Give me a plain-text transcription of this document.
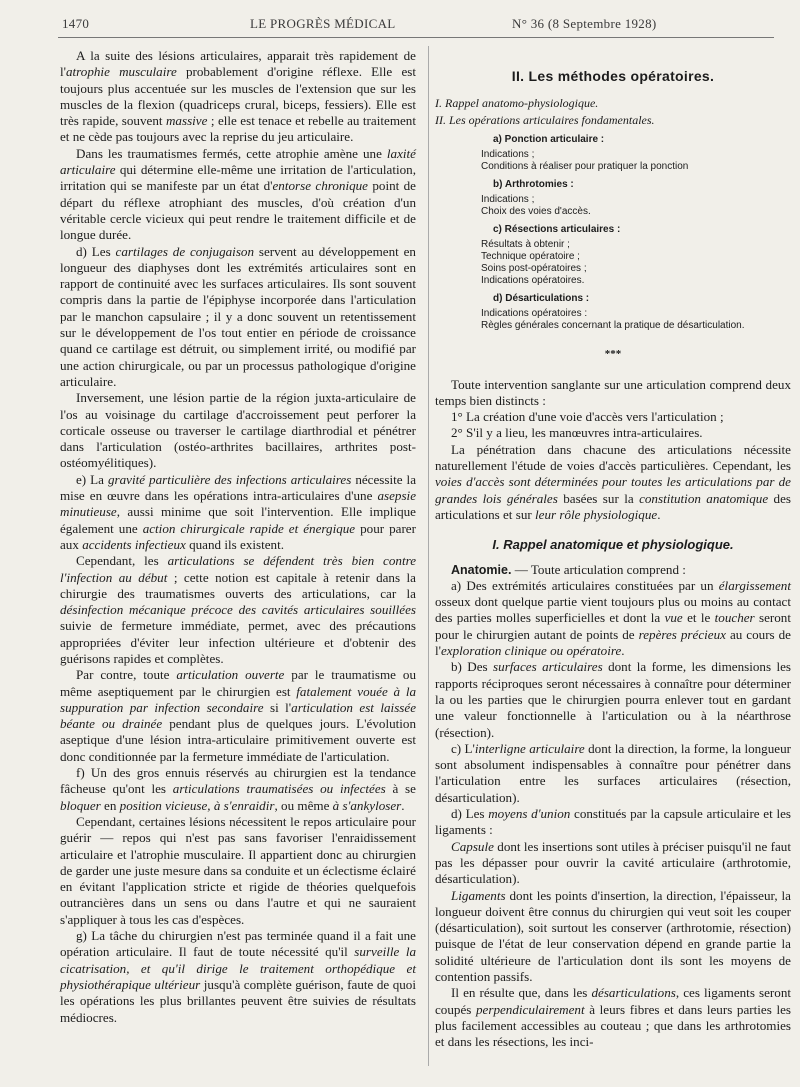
1470	LE PROGRÈS MÉDICAL	N° 36 (8 Septembre 1928)

A la suite des lésions articulaires, apparait très rapidement de l'atrophie musculaire probablement d'origine réflexe. Elle est toujours plus accentuée sur les muscles de l'extension que sur les muscles de la flexion (quadriceps crural, biceps, fessiers). Elle est très rapide, souvent massive ; elle est tenace et rebelle au traitement et ne cède pas toujours avec la reprise du jeu articulaire.

Dans les traumatismes fermés, cette atrophie amène une laxité articulaire qui détermine elle-même une irritation de l'articulation, irritation qui se manifeste par un état d'entorse chronique point de départ du réflexe atrophiant des muscles, d'où création d'un véritable cercle vicieux qui peut rendre le traitement difficile et de longue durée.

d) Les cartilages de conjugaison servent au développement en longueur des diaphyses dont les extrémités articulaires sont en rapport de continuité avec les surfaces articulaires. Ils sont souvent compris dans la partie de l'épiphyse incorporée dans l'articulation par le manchon capsulaire ; il y a donc souvent un retentissement sur le développement de l'os tout entier en période de croissance quand ce cartilage est détruit, ou simplement irrité, ou modifié par une action chirurgicale, ou par un processus pathologique d'origine articulaire.

Inversement, une lésion partie de la région juxta-articulaire de l'os au voisinage du cartilage d'accroissement peut perforer la corticale osseuse ou traverser le cartilage diarthrodial et pénétrer dans l'articulation (ostéo-arthrites bacillaires, arthrites post-ostéomyélitiques).

e) La gravité particulière des infections articulaires nécessite la mise en œuvre dans les opérations intra-articulaires d'une asepsie minutieuse, aussi minime que soit l'intervention. Elle implique également une action chirurgicale rapide et énergique pour parer aux accidents infectieux quand ils existent.

Cependant, les articulations se défendent très bien contre l'infection au début ; cette notion est capitale à retenir dans la chirurgie des traumatismes ouverts des articulations, car la désinfection mécanique précoce des cavités articulaires souillées suivie de fermeture immédiate, permet, avec des précautions appropriées d'éviter leur infection ultérieure et d'obtenir des guérisons rapides et complètes.

Par contre, toute articulation ouverte par le traumatisme ou même aseptiquement par le chirurgien est fatalement vouée à la suppuration par infection secondaire si l'articulation est laissée béante ou drainée pendant plus de quelques jours. L'évolution aseptique d'une lésion intra-articulaire primitivement ouverte est donc conditionnée par la fermeture immédiate de l'articulation.

f) Un des gros ennuis réservés au chirurgien est la tendance fâcheuse qu'ont les articulations traumatisées ou infectées à se bloquer en position vicieuse, à s'enraidir, ou même à s'ankyloser.

Cependant, certaines lésions nécessitent le repos articulaire pour guérir — repos qui n'est pas sans favoriser l'enraidissement articulaire et l'atrophie musculaire. Il appartient donc au chirurgien de garder une juste mesure dans sa conduite et un éclectisme éclairé en évitant l'application stricte et rigide de théories quelquefois outrancières dans un sens ou dans l'autre et qui ne sauraient s'appliquer à tous les cas d'espèces.

g) La tâche du chirurgien n'est pas terminée quand il a fait une opération articulaire. Il faut de toute nécessité qu'il surveille la cicatrisation, et qu'il dirige le traitement orthopédique et physiothérapique ultérieur jusqu'à complète guérison, faute de quoi les opérations les plus brillantes peuvent être suivies de résultats médiocres.

II. Les méthodes opératoires.
I. Rappel anatomo-physiologique.
II. Les opérations articulaires fondamentales.
a) Ponction articulaire :
Indications ;
Conditions à réaliser pour pratiquer la ponction
b) Arthrotomies :
Indications ;
Choix des voies d'accès.
c) Résections articulaires :
Résultats à obtenir ;
Technique opératoire ;
Soins post-opératoires ;
Indications opératoires.
d) Désarticulations :
Indications opératoires :
Règles générales concernant la pratique de désarticulation.
***

Toute intervention sanglante sur une articulation comprend deux temps bien distincts :

1° La création d'une voie d'accès vers l'articulation ;

2° S'il y a lieu, les manœuvres intra-articulaires.

La pénétration dans chacune des articulations nécessite naturellement l'étude de voies d'accès particulières. Cependant, les voies d'accès sont déterminées pour toutes les articulations par de grandes lois générales basées sur la constitution anatomique des articulations et sur leur rôle physiologique.

I. Rappel anatomique et physiologique.

Anatomie. — Toute articulation comprend :

a) Des extrémités articulaires constituées par un élargissement osseux dont quelque partie vient toujours plus ou moins au contact des parties molles superficielles et dont la vue et le toucher seront pour le chirurgien autant de points de repères précieux au cours de l'exploration clinique ou opératoire.

b) Des surfaces articulaires dont la forme, les dimensions les rapports réciproques seront nécessaires à connaître pour déterminer la ou les parties que le chirurgien pourra enlever tout en gardant une valeur fonctionnelle à l'articulation ou à la néarthrose (résection).

c) L'interligne articulaire dont la direction, la forme, la longueur sont absolument indispensables à connaître pour pénétrer dans l'articulation entre les surfaces articulaires (résection, désarticulation).

d) Les moyens d'union constitués par la capsule articulaire et les ligaments :

Capsule dont les insertions sont utiles à préciser puisqu'il ne faut pas les dépasser pour ouvrir la cavité articulaire (arthrotomie, désarticulation).

Ligaments dont les points d'insertion, la direction, l'épaisseur, la longueur doivent être connus du chirurgien qui veut soit les couper (désarticulation), soit surtout les conserver (arthrotomie, résection) puisque de l'état de leur conservation dépend en grande partie la solidité ultérieure de l'articulation dont ils sont les moyens de contention passifs.

Il en résulte que, dans les désarticulations, ces ligaments seront coupés perpendiculairement à leurs fibres et dans leurs parties les plus facilement accessibles au couteau ; que dans les arthrotomies et dans les résections, les inci-
